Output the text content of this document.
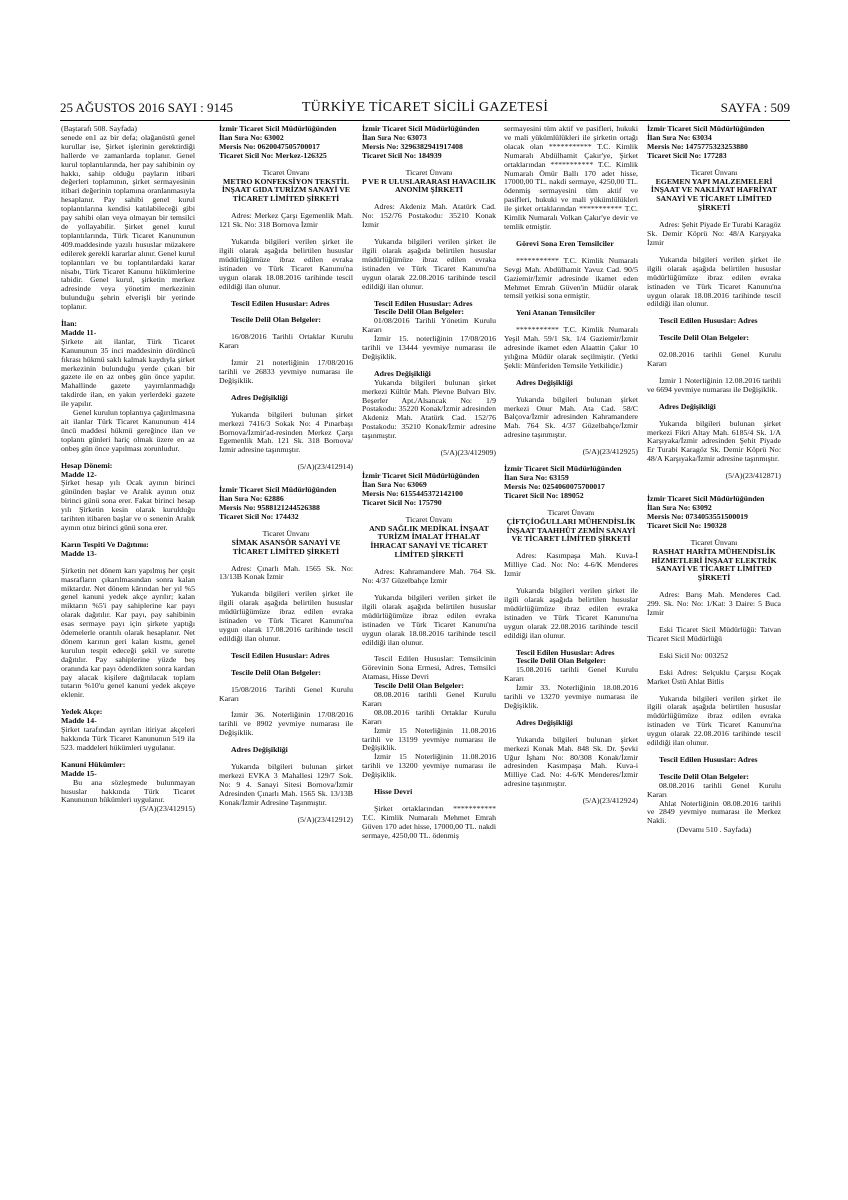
TÜRKİYE TİCARET SİCİLİ GAZETESİ
25 AĞUSTOS 2016 SAYI : 9145	SAYFA : 509

(Baştarafı 508. Sayfada)

senede en1 az bir defa; olağanüstü genel kurullar ise, Şirket işlerinin gerektirdiği hallerde ve zamanlarda toplanır. Genel kurul toplantılarında, her pay sahibinin oy hakkı, sahip olduğu payların itibari değerleri toplamının, şirket sermayesinin itibari değerinin toplamına oranlanmasıyla hesaplanır. Pay sahibi genel kurul toplantılarına kendisi katılabileceği gibi pay sahibi olan veya olmayan bir temsilci de yollayabilir. Şirket genel kurul toplantılarında, Türk Ticaret Kanununun 409.maddesinde yazılı hususlar müzakere edilerek gerekli kararlar alınır. Genel kurul toplantıları ve bu toplantılardaki karar nisabı, Türk Ticaret Kanunu hükümlerine tabidir. Genel kurul, şirketin merkez adresinde veya yönetim merkezinin bulunduğu şehrin elverişli bir yerinde toplanır.

İlan:

Madde 11-

Şirkete ait ilanlar, Türk Ticaret Kanununun 35 inci maddesinin dördüncü fıkrası hükmü saklı kalmak kaydıyla şirket merkezinin bulunduğu yerde çıkan bir gazete ile en az onbeş gün önce yapılır. Mahallinde gazete yayımlanmadığı takdirde ilan, en yakın yerlerdeki gazete ile yapılır.

Genel kurulun toplantıya çağırılmasına ait ilanlar Türk Ticaret Kanununun 414 üncü maddesi hükmü gereğince ilan ve toplantı günleri hariç olmak üzere en az onbeş gün önce yapılması zorunludur.

Hesap Dönemi:

Madde 12-

Şirket hesap yılı Ocak ayının birinci gününden başlar ve Aralık ayının otuz birinci günü sona erer. Fakat birinci hesap yılı Şirketin kesin olarak kurulduğu tarihten itibaren başlar ve o senenin Aralık ayının otuz birinci günü sona erer.

Karın Tespiti Ve Dağıtımı:

Madde 13-

Şirketin net dönem karı yapılmış her çeşit masrafların çıkarılmasından sonra kalan miktardır. Net dönem kârından her yıl %5 genel kanuni yedek akçe ayrılır; kalan miktarın %5'i pay sahiplerine kar payı olarak dağıtılır. Kar payı, pay sahibinin esas sermaye payı için şirkete yaptığı ödemelerle orantılı olarak hesaplanır. Net dönem karının geri kalan kısmı, genel kurulun tespit edeceği şekil ve surette dağıtılır. Pay sahiplerine yüzde beş oranında kar payı ödendikten sonra kardan pay alacak kişilere dağıtılacak toplam tutarın %10'u genel kanuni yedek akçeye eklenir.

Yedek Akçe:

Madde 14-

Şirket tarafından ayrılan itiriyat akçeleri hakkında Türk Ticaret Kanununun 519 ila 523. maddeleri hükümleri uygulanır.

Kanuni Hükümler:

Madde 15-

Bu ana sözleşmede bulunmayan hususlar hakkında Türk Ticaret Kanununun hükümleri uygulanır.

(5/A)(23/412915)

İzmir Ticaret Sicil Müdürlüğünden

İlan Sıra No: 63002

Mersis No: 0620047505700017

Ticaret Sicil No: Merkez-126325

Ticaret Ünvanı

METRO KONFEKSİYON TEKSTİL İNŞAAT GIDA TURİZM SANAYİ VE TİCARET LİMİTED ŞİRKETİ

Adres: Merkez Çarşı Egemenlik Mah. 121 Sk. No: 318 Bornova İzmir

Yukarıda bilgileri verilen şirket ile ilgili olarak aşağıda belirtilen hususlar müdürlüğümüze ibraz edilen evraka istinaden ve Türk Ticaret Kanunu'na uygun olarak 18.08.2016 tarihinde tescil edildiği ilan olunur.

Tescil Edilen Hususlar: Adres

Tescile Delil Olan Belgeler:

16/08/2016 Tarihli Ortaklar Kurulu Kararı

İzmir 21 noterliğinin 17/08/2016 tarihli ve 26833 yevmiye numarası ile Değişiklik.

Adres Değişikliği

Yukarıda bilgileri bulunan şirket merkezi 7416/3 Sokak No: 4 Pınarbaşı Bornova/İzmir'ad-resinden Merkez Çarşı Egemenlik Mah. 121 Sk. 318 Bornova/İzmir adresine taşınmıştır.

(5/A)(23/412914)

İzmir Ticaret Sicil Müdürlüğünden

İlan Sıra No: 62886

Mersis No: 9588121244526388

Ticaret Sicil No: 174432

Ticaret Ünvanı

SİMAK ASANSÖR SANAYİ VE TİCARET LİMİTED ŞİRKETİ

Adres: Çınarlı Mah. 1565 Sk. No: 13/13B Konak İzmir

Yukarıda bilgileri verilen şirket ile ilgili olarak aşağıda belirtilen hususlar müdürlüğümüze ibraz edilen evraka istinaden ve Türk Ticaret Kanunu'na uygun olarak 17.08.2016 tarihinde tescil edildiği ilan olunur.

Tescil Edilen Hususlar: Adres

Tescile Delil Olan Belgeler:

15/08/2016 Tarihli Genel Kurulu Kararı

İzmir 36. Noterliğinin 17/08/2016 tarihli ve 8902 yevmiye numarası ile Değişiklik.

Adres Değişikliği

Yukarıda bilgileri bulunan şirket merkezi EVKA 3 Mahallesi 129/7 Sok. No: 9 4. Sanayi Sitesi Bornova/İzmir Adresinden Çınarlı Mah. 1565 Sk. 13/13B Konak/İzmir Adresine Taşınmıştır.

(5/A)(23/412912)

İzmir Ticaret Sicil Müdürlüğünden

İlan Sıra No: 63073

Mersis No: 3296382941917408

Ticaret Sicil No: 184939

Ticaret Ünvanı

P VE R ULUSLARARASI HAVACILIK ANONİM ŞİRKETİ

Adres: Akdeniz Mah. Atatürk Cad. No: 152/76 Postakodu: 35210 Konak İzmir

Yukarıda bilgileri verilen şirket ile ilgili olarak aşağıda belirtilen hususlar müdürlüğümüze ibraz edilen evraka istinaden ve Türk Ticaret Kanunu'na uygun olarak 22.08.2016 tarihinde tescil edildiği ilan olunur.

Tescil Edilen Hususlar: Adres

Tescile Delil Olan Belgeler:

01/08/2016 Tarihli Yönetim Kurulu Kararı

İzmir 15. noterliğinin 17/08/2016 tarihli ve 13444 yevmiye numarası ile Değişiklik.

Adres Değişikliği

Yukarıda bilgileri bulunan şirket merkezi Kültür Mah. Plevne Bulvarı Blv. Beşerler Apt./Alsancak No: 1/9 Postakodu: 35220 Konak/İzmir adresinden Akdeniz Mah. Atatürk Cad. 152/76 Postakodu: 35210 Konak/İzmir adresine taşınmıştır.

(5/A)(23/412909)

İzmir Ticaret Sicil Müdürlüğünden

İlan Sıra No: 63069

Mersis No: 6155445372142100

Ticaret Sicil No: 175790

Ticaret Ünvanı

AND SAĞLIK MEDİKAL İNŞAAT TURİZM İMALAT İTHALAT İHRACAT SANAYİ VE TİCARET LİMİTED ŞİRKETİ

Adres: Kahramandere Mah. 764 Sk. No: 4/37 Güzelbahçe İzmir

Yukarıda bilgileri verilen şirket ile ilgili olarak aşağıda belirtilen hususlar müdürlüğümüze ibraz edilen evraka istinaden ve Türk Ticaret Kanunu'na uygun olarak 18.08.2016 tarihinde tescil edildiği ilan olunur.

Tescil Edilen Hususlar: Temsilcinin Görevinin Sona Ermesi, Adres, Temsilci Ataması, Hisse Devri

Tescile Delil Olan Belgeler:

08.08.2016 tarihli Genel Kurulu Kararı

08.08.2016 tarihli Ortaklar Kurulu Kararı

İzmir 15 Noterliğinin 11.08.2016 tarihli ve 13199 yevmiye numarası ile Değişiklik.

İzmir 15 Noterliğinin 11.08.2016 tarihli ve 13200 yevmiye numarası ile Değişiklik.

Hisse Devri

Şirket ortaklarından *********** T.C. Kimlik Numaralı Mehmet Emrah Güven 170 adet hisse, 17000,00 TL. nakdi sermaye, 4250,00 TL. ödenmiş

sermayesini tüm aktif ve pasifleri, hukuki ve mali yükümlülükleri ile şirketin ortağı olacak olan *********** T.C. Kimlik Numaralı Abdülhamit Çakır'ye, Şirket ortaklarından *********** T.C. Kimlik Numaralı Ömür Ballı 170 adet hisse, 17000,00 TL. nakdi sermaye, 4250,00 TL. ödenmiş sermayesini tüm aktif ve pasifleri, hukuki ve mali yükümlülükleri ile şirket ortaklarından *********** T.C. Kimlik Numaralı Volkan Çakır'ye devir ve temlik etmiştir.

Görevi Sona Eren Temsilciler

*********** T.C. Kimlik Numaralı Sevgi Mah. Abdülhamit Yavuz Cad. 90/5 Gaziemir/İzmir adresinde ikamet eden Mehmet Emrah Güven'in Müdür olarak temsil yetkisi sona ermiştir.

Yeni Atanan Temsilciler

*********** T.C. Kimlik Numaralı Yeşil Mah. 59/1 Sk. 1/4 Gaziemir/İzmir adresinde ikamet eden Alaattin Çakır 10 yılığına Müdür olarak seçilmiştir. (Yetki Şekli: Münferiden Temsile Yetkilidir.)

Adres Değişikliği

Yukarıda bilgileri bulunan şirket merkezi Onur Mah. Ata Cad. 58/C Balçova/İzmir adresinden Kahramandere Mah. 764 Sk. 4/37 Güzelbahçe/İzmir adresine taşınmıştır.

(5/A)(23/412925)

İzmir Ticaret Sicil Müdürlüğünden

İlan Sıra No: 63159

Mersis No: 0254060075700017

Ticaret Sicil No: 189052

Ticaret Ünvanı

ÇİFTÇİOĞULLARI MÜHENDİSLİK İNŞAAT TAAHHÜT ZEMİN SANAYİ VE TİCARET LİMİTED ŞİRKETİ

Adres: Kasımpaşa Mah. Kuva-İ Milliye Cad. No: No: 4-6/K Menderes İzmir

Yukarıda bilgileri verilen şirket ile ilgili olarak aşağıda belirtilen hususlar müdürlüğümüze ibraz edilen evraka istinaden ve Türk Ticaret Kanunu'na uygun olarak 22.08.2016 tarihinde tescil edildiği ilan olunur.

Tescil Edilen Hususlar: Adres

Tescile Delil Olan Belgeler:

15.08.2016 tarihli Genel Kurulu Kararı

İzmir 33. Noterliğinin 18.08.2016 tarihli ve 13270 yevmiye numarası ile Değişiklik.

Adres Değişikliği

Yukarıda bilgileri bulunan şirket merkezi Konak Mah. 848 Sk. Dr. Şevki Uğur İşhanı No: 80/308 Konak/İzmir adresinden Kasımpaşa Mah. Kuva-i Milliye Cad. No: 4-6/K Menderes/İzmir adresine taşınmıştır.

(5/A)(23/412924)

İzmir Ticaret Sicil Müdürlüğünden

İlan Sıra No: 63034

Mersis No: 1475775323253880

Ticaret Sicil No: 177283

Ticaret Ünvanı

EGEMEN YAPI MALZEMELERİ İNŞAAT VE NAKLİYAT HAFRİYAT SANAYİ VE TİCARET LİMİTED ŞİRKETİ

Adres: Şehit Piyade Er Turabi Karagöz Sk. Demir Köprü No: 48/A Karşıyaka İzmir

Yukarıda bilgileri verilen şirket ile ilgili olarak aşağıda belirtilen hususlar müdürlüğümüze ibraz edilen evraka istinaden ve Türk Ticaret Kanunu'na uygun olarak 18.08.2016 tarihinde tescil edildiği ilan olunur.

Tescil Edilen Hususlar: Adres

Tescile Delil Olan Belgeler:

02.08.2016 tarihli Genel Kurulu Kararı

İzmir 1 Noterliğinin 12.08.2016 tarihli ve 6694 yevmiye numarası ile Değişiklik.

Adres Değişikliği

Yukarıda bilgileri bulunan şirket merkezi Fikri Altay Mah. 6185/4 Sk. 1/A Karşıyaka/İzmir adresinden Şehit Piyade Er Turabi Karagöz Sk. Demir Köprü No: 48/A Karşıyaka/İzmir adresine taşınmıştır.

(5/A)(23/412871)

İzmir Ticaret Sicil Müdürlüğünden

İlan Sıra No: 63092

Mersis No: 0734053551500019

Ticaret Sicil No: 190328

Ticaret Ünvanı

RASHAT HARİTA MÜHENDİSLİK HİZMETLERİ İNŞAAT ELEKTRİK SANAYİ VE TİCARET LİMİTED ŞİRKETİ

Adres: Barış Mah. Menderes Cad. 299. Sk. No: No: 1/Kat: 3 Daire: 5 Buca İzmir

Eski Ticaret Sicil Müdürlüğü: Tatvan Ticaret Sicil Müdürlüğü

Eski Sicil No: 003252

Eski Adres: Selçuklu Çarşısı Koçak Market Üstü Ahlat Bitlis

Yukarıda bilgileri verilen şirket ile ilgili olarak aşağıda belirtilen hususlar müdürlüğümüze ibraz edilen evraka istinaden ve Türk Ticaret Kanunu'na uygun olarak 22.08.2016 tarihinde tescil edildiği ilan olunur.

Tescil Edilen Hususlar: Adres

Tescile Delil Olan Belgeler:

08.08.2016 tarihli Genel Kurulu Kararı

Ahlat Noterliğinin 08.08.2016 tarihli ve 2849 yevmiye numarası ile Merkez Nakli.

(Devamı 510 . Sayfada)
